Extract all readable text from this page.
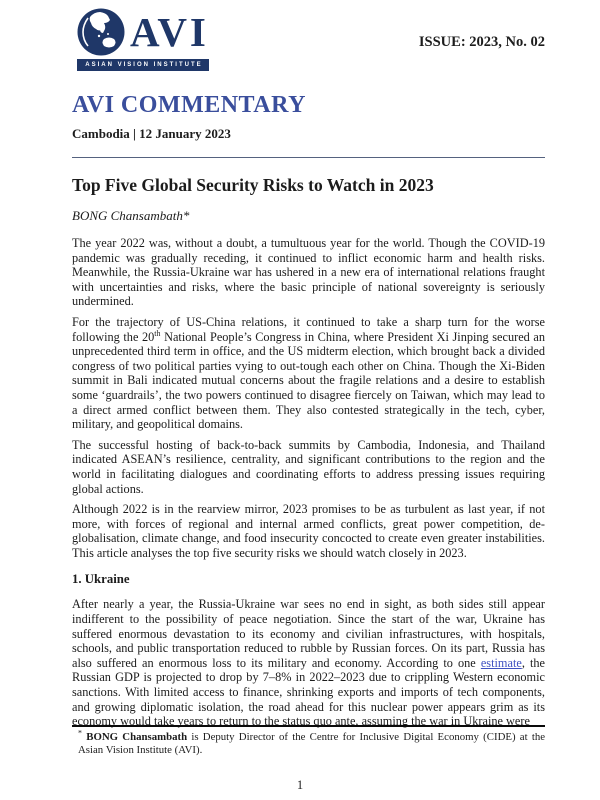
AVI
ASIAN VISION INSTITUTE
ISSUE: 2023, No. 02
AVI COMMENTARY
Cambodia | 12 January 2023
Top Five Global Security Risks to Watch in 2023

BONG Chansambath*

The year 2022 was, without a doubt, a tumultuous year for the world. Though the COVID-19 pandemic was gradually receding, it continued to inflict economic harm and health risks. Meanwhile, the Russia-Ukraine war has ushered in a new era of international relations fraught with uncertainties and risks, where the basic principle of national sovereignty is seriously undermined.

For the trajectory of US-China relations, it continued to take a sharp turn for the worse following the 20th National People’s Congress in China, where President Xi Jinping secured an unprecedented third term in office, and the US midterm election, which brought back a divided congress of two political parties vying to out-tough each other on China. Though the Xi-Biden summit in Bali indicated mutual concerns about the fragile relations and a desire to establish some ‘guardrails’, the two powers continued to disagree fiercely on Taiwan, which may lead to a direct armed conflict between them. They also contested strategically in the tech, cyber, military, and geopolitical domains.

The successful hosting of back-to-back summits by Cambodia, Indonesia, and Thailand indicated ASEAN’s resilience, centrality, and significant contributions to the region and the world in facilitating dialogues and coordinating efforts to address pressing issues requiring global actions.

Although 2022 is in the rearview mirror, 2023 promises to be as turbulent as last year, if not more, with forces of regional and internal armed conflicts, great power competition, de-globalisation, climate change, and food insecurity concocted to create even greater instabilities. This article analyses the top five security risks we should watch closely in 2023.

1. Ukraine

After nearly a year, the Russia-Ukraine war sees no end in sight, as both sides still appear indifferent to the possibility of peace negotiation. Since the start of the war, Ukraine has suffered enormous devastation to its economy and civilian infrastructures, with hospitals, schools, and public transportation reduced to rubble by Russian forces. On its part, Russia has also suffered an enormous loss to its military and economy. According to one estimate, the Russian GDP is projected to drop by 7–8% in 2022–2023 due to crippling Western economic sanctions. With limited access to finance, shrinking exports and imports of tech components, and growing diplomatic isolation, the road ahead for this nuclear power appears grim as its economy would take years to return to the status quo ante, assuming the war in Ukraine were

* BONG Chansambath is Deputy Director of the Centre for Inclusive Digital Economy (CIDE) at the Asian Vision Institute (AVI).
1
